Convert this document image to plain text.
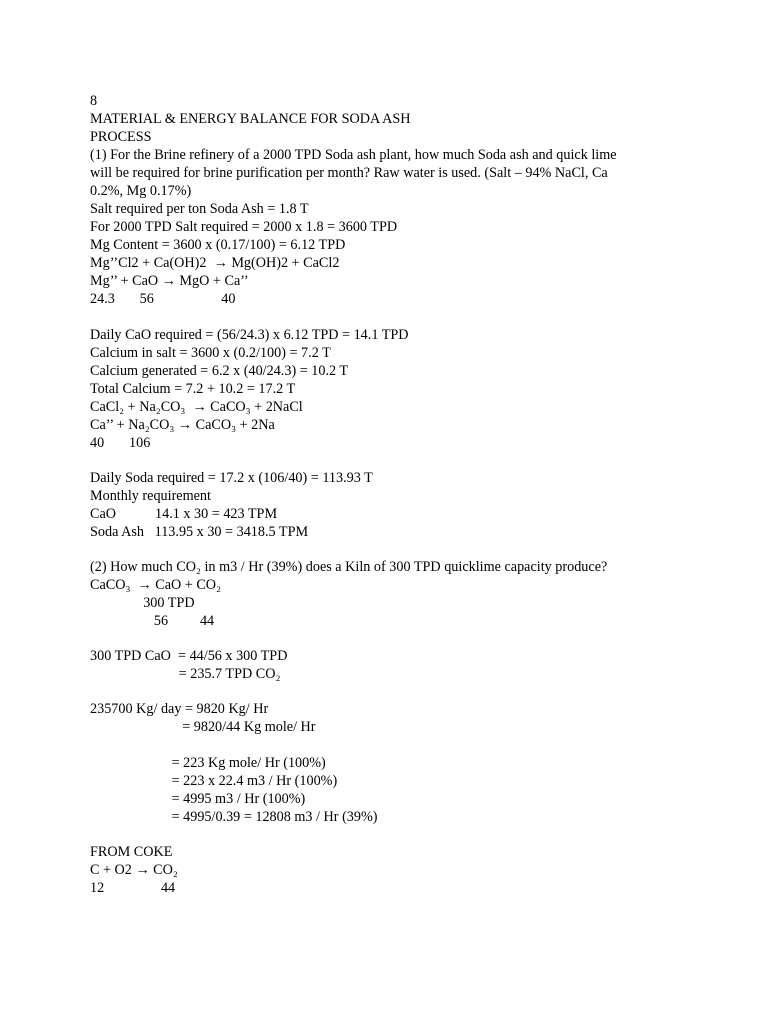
8
MATERIAL & ENERGY BALANCE FOR SODA ASH
PROCESS
(1) For the Brine refinery of a 2000 TPD Soda ash plant, how much Soda ash and quick lime
will be required for brine purification per month? Raw water is used. (Salt – 94% NaCl, Ca
0.2%, Mg 0.17%)
Salt required per ton Soda Ash = 1.8 T
For 2000 TPD Salt required = 2000 x 1.8 = 3600 TPD
Mg Content = 3600 x (0.17/100) = 6.12 TPD
Mg’’Cl2 + Ca(OH)2  → Mg(OH)2 + CaCl2
Mg’’ + CaO → MgO + Ca’’
24.3       56                   40
Daily CaO required = (56/24.3) x 6.12 TPD = 14.1 TPD
Calcium in salt = 3600 x (0.2/100) = 7.2 T
Calcium generated = 6.2 x (40/24.3) = 10.2 T
Total Calcium = 7.2 + 10.2 = 17.2 T
CaCl₂ + Na₂CO₃  → CaCO₃ + 2NaCl
Ca’’ + Na₂CO₃ → CaCO₃ + 2Na
40       106
Daily Soda required = 17.2 x (106/40) = 113.93 T
Monthly requirement
CaO           14.1 x 30 = 423 TPM
Soda Ash   113.95 x 30 = 3418.5 TPM
(2) How much CO₂ in m3 / Hr (39%) does a Kiln of 300 TPD quicklime capacity produce?
CaCO₃  → CaO + CO₂
300 TPD
56         44
300 TPD CaO  = 44/56 x 300 TPD
= 235.7 TPD CO₂
235700 Kg/ day = 9820 Kg/ Hr
= 9820/44 Kg mole/ Hr
= 223 Kg mole/ Hr (100%)
= 223 x 22.4 m3 / Hr (100%)
= 4995 m3 / Hr (100%)
= 4995/0.39 = 12808 m3 / Hr (39%)
FROM COKE
C + O2 → CO₂
12                44
